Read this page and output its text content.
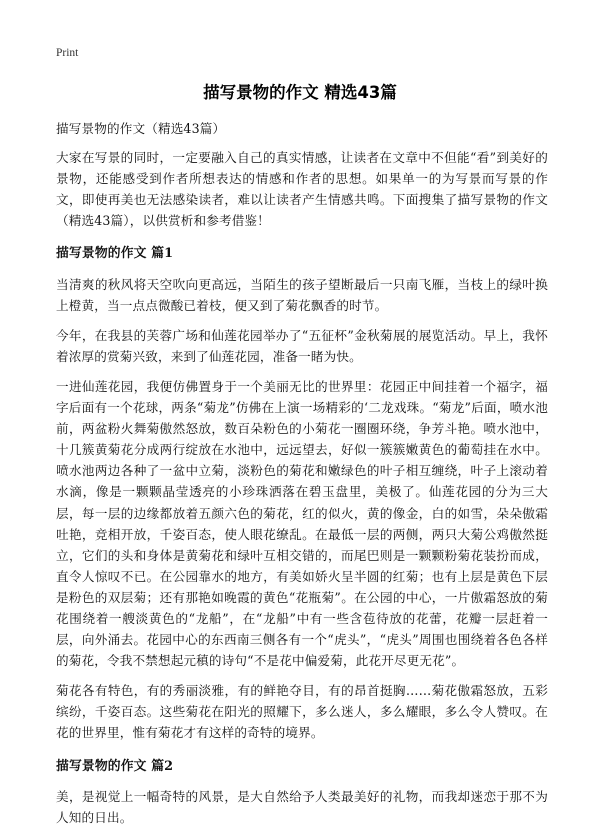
Print
描写景物的作文 精选43篇

描写景物的作文（精选43篇）

大家在写景的同时，一定要融入自己的真实情感，让读者在文章中不但能“看”到美好的景物，还能感受到作者所想表达的情感和作者的思想。如果单一的为写景而写景的作文，即使再美也无法感染读者，难以让读者产生情感共鸣。下面搜集了描写景物的作文（精选43篇），以供赏析和参考借鉴！

描写景物的作文 篇1

当清爽的秋风将天空吹向更高远，当陌生的孩子望断最后一只南飞雁，当枝上的绿叶换上橙黄，当一点点微酸已着枝，便又到了菊花飘香的时节。

今年，在我县的芙蓉广场和仙莲花园举办了“五征杯”金秋菊展的展览活动。早上，我怀着浓厚的赏菊兴致，来到了仙莲花园，准备一睹为快。

一进仙莲花园，我便仿佛置身于一个美丽无比的世界里：花园正中间挂着一个福字，福字后面有一个花球，两条“菊龙”仿佛在上演一场精彩的‘二龙戏珠。“菊龙”后面，喷水池前，两盆粉火舞菊傲然怒放，数百朵粉色的小菊花一圈圈环绕，争芳斗艳。喷水池中，十几簇黄菊花分成两行绽放在水池中，远远望去，好似一簇簇嫩黄色的葡萄挂在水中。喷水池两边各种了一盆中立菊，淡粉色的菊花和嫩绿色的叶子相互缠绕，叶子上滚动着水滴，像是一颗颗晶莹透亮的小珍珠洒落在碧玉盘里，美极了。仙莲花园的分为三大层，每一层的边缘都放着五颜六色的菊花，红的似火，黄的像金，白的如雪，朵朵傲霜吐艳，竞相开放，千姿百态，使人眼花缭乱。在最低一层的两侧，两只大菊公鸡傲然挺立，它们的头和身体是黄菊花和绿叶互相交错的，而尾巴则是一颗颗粉菊花装扮而成，直令人惊叹不已。在公园靠水的地方，有美如娇火呈半圆的红菊；也有上层是黄色下层是粉色的双层菊；还有那艳如晚霞的黄色“花瓶菊”。在公园的中心，一片傲霜怒放的菊花围绕着一艘淡黄色的“龙船”，在“龙船”中有一些含苞待放的花蕾，花瓣一层赶着一层，向外涌去。花园中心的东西南三侧各有一个“虎头”，“虎头”周围也围绕着各色各样的菊花，令我不禁想起元稹的诗句“不是花中偏爱菊，此花开尽更无花”。

菊花各有特色，有的秀丽淡雅，有的鲜艳夺目，有的昂首挺胸……菊花傲霜怒放，五彩缤纷，千姿百态。这些菊花在阳光的照耀下，多么迷人，多么耀眼，多么令人赞叹。在花的世界里，惟有菊花才有这样的奇特的境界。

描写景物的作文 篇2

美，是视觉上一幅奇特的风景，是大自然给予人类最美好的礼物，而我却迷恋于那不为人知的日出。
